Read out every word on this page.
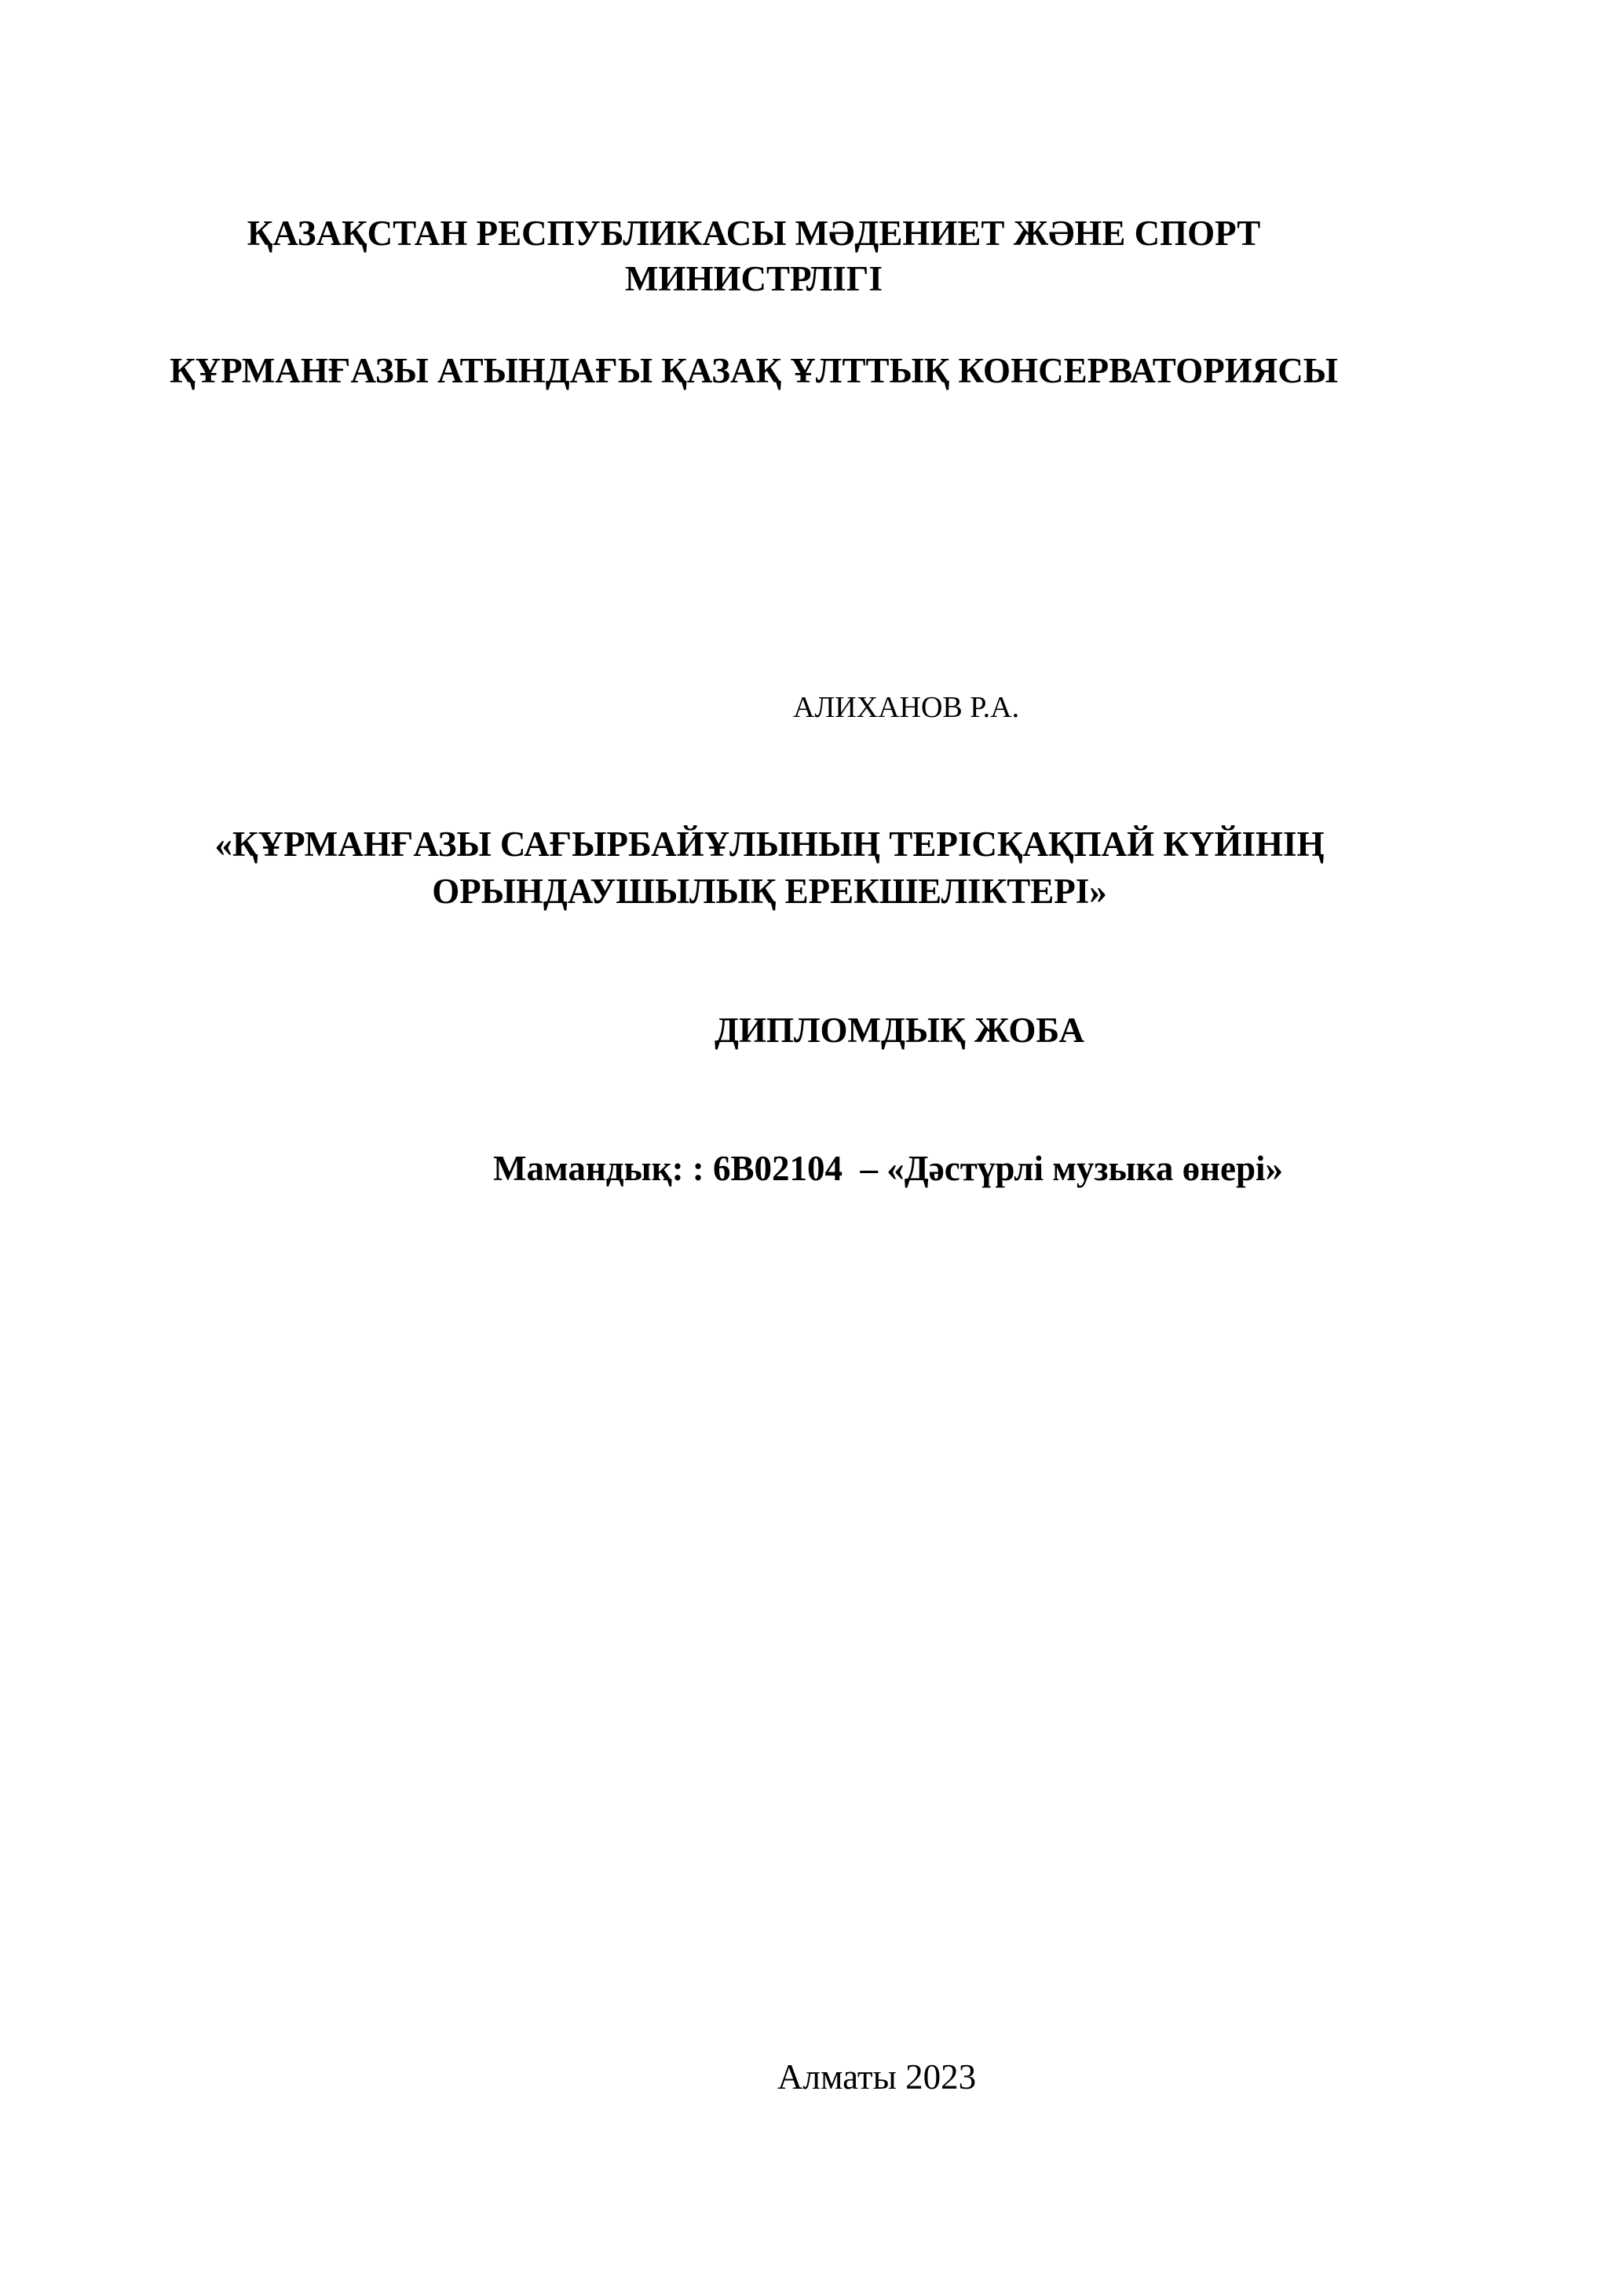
ҚАЗАҚСТАН РЕСПУБЛИКАСЫ МӘДЕНИЕТ ЖӘНЕ СПОРТ
МИНИСТРЛІГІ
ҚҰРМАНҒАЗЫ АТЫНДАҒЫ ҚАЗАҚ ҰЛТТЫҚ КОНСЕРВАТОРИЯСЫ
АЛИХАНОВ Р.А.
«ҚҰРМАНҒАЗЫ САҒЫРБАЙҰЛЫНЫҢ ТЕРІСҚАҚПАЙ КҮЙІНІҢ
ОРЫНДАУШЫЛЫҚ ЕРЕКШЕЛІКТЕРІ»
ДИПЛОМДЫҚ ЖОБА
Мамандық: : 6В02104  – «Дәстүрлі музыка өнері»
Алматы 2023
